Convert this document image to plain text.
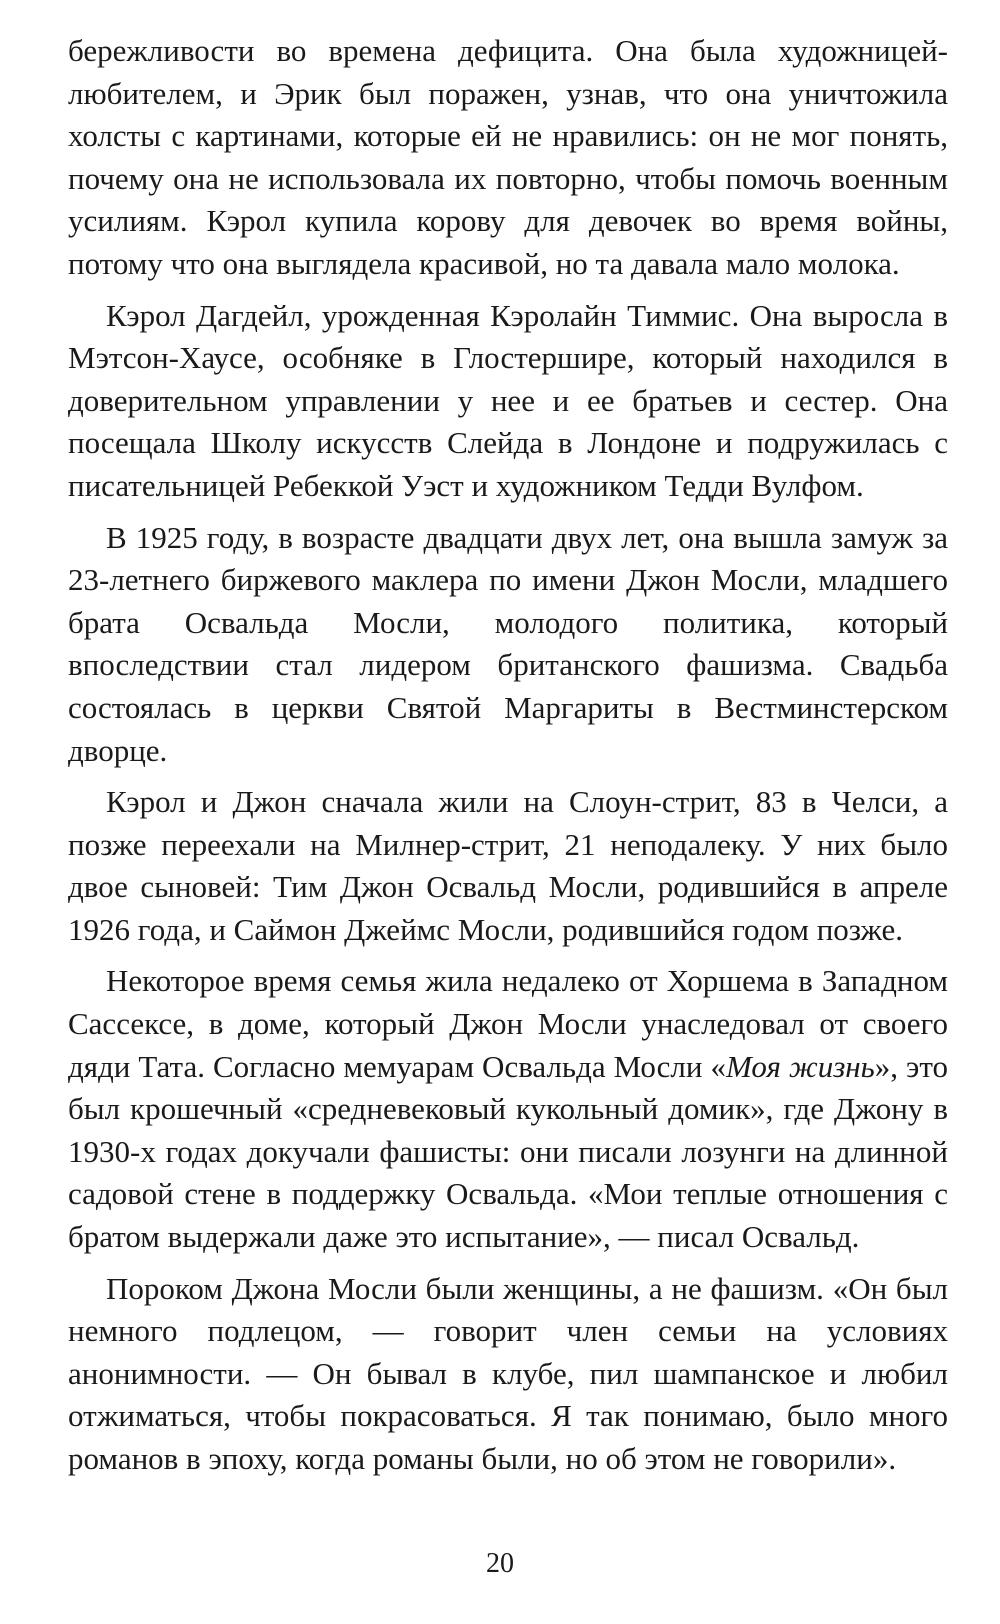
бережливости во времена дефицита. Она была художницей-любителем, и Эрик был поражен, узнав, что она уничтожила холсты с картинами, которые ей не нравились: он не мог понять, почему она не использовала их повторно, чтобы помочь военным усилиям. Кэрол купила корову для девочек во время войны, потому что она выглядела красивой, но та давала мало молока.

Кэрол Дагдейл, урожденная Кэролайн Тиммис. Она выросла в Мэтсон-Хаусе, особняке в Глостершире, который находился в доверительном управлении у нее и ее братьев и сестер. Она посещала Школу искусств Слейда в Лондоне и подружилась с писательницей Ребеккой Уэст и художником Тедди Вулфом.

В 1925 году, в возрасте двадцати двух лет, она вышла замуж за 23-летнего биржевого маклера по имени Джон Мосли, младшего брата Освальда Мосли, молодого политика, который впоследствии стал лидером британского фашизма. Свадьба состоялась в церкви Святой Маргариты в Вестминстерском дворце.

Кэрол и Джон сначала жили на Слоун-стрит, 83 в Челси, а позже переехали на Милнер-стрит, 21 неподалеку. У них было двое сыновей: Тим Джон Освальд Мосли, родившийся в апреле 1926 года, и Саймон Джеймс Мосли, родившийся годом позже.

Некоторое время семья жила недалеко от Хоршема в Западном Сассексе, в доме, который Джон Мосли унаследовал от своего дяди Тата. Согласно мемуарам Освальда Мосли «Моя жизнь», это был крошечный «средневековый кукольный домик», где Джону в 1930-х годах докучали фашисты: они писали лозунги на длинной садовой стене в поддержку Освальда. «Мои теплые отношения с братом выдержали даже это испытание», — писал Освальд.

Пороком Джона Мосли были женщины, а не фашизм. «Он был немного подлецом, — говорит член семьи на условиях анонимности. — Он бывал в клубе, пил шампанское и любил отжиматься, чтобы покрасоваться. Я так понимаю, было много романов в эпоху, когда романы были, но об этом не говорили».

20
